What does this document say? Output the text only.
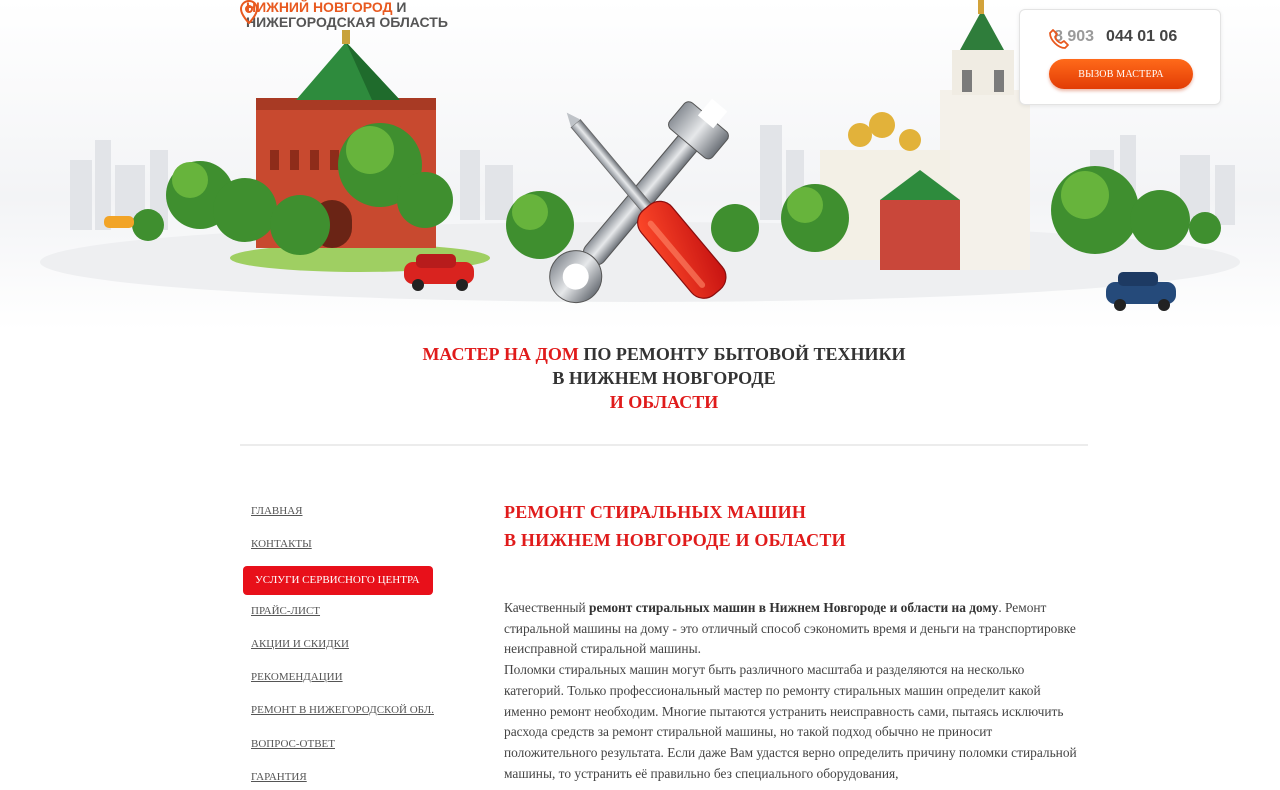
НИЖНИЙ НОВГОРОД И
НИЖЕГОРОДСКАЯ ОБЛАСТЬ
8 903 044 01 06
ВЫЗОВ МАСТЕРА
МАСТЕР НА ДОМ ПО РЕМОНТУ БЫТОВОЙ ТЕХНИКИ
В НИЖНЕМ НОВГОРОДЕ
И ОБЛАСТИ
ГЛАВНАЯ
КОНТАКТЫ
УСЛУГИ СЕРВИСНОГО ЦЕНТРА
ПРАЙС-ЛИСТ
АКЦИИ И СКИДКИ
РЕКОМЕНДАЦИИ
РЕМОНТ В НИЖЕГОРОДСКОЙ ОБЛ.
ВОПРОС-ОТВЕТ
ГАРАНТИЯ
РЕМОНТ СТИРАЛЬНЫХ МАШИН
В НИЖНЕМ НОВГОРОДЕ И ОБЛАСТИ

Качественный ремонт стиральных машин в Нижнем Новгороде и области на дому. Ремонт стиральной машины на дому - это отличный способ сэкономить время и деньги на транспортировке неисправной стиральной машины.

Поломки стиральных машин могут быть различного масштаба и разделяются на несколько категорий. Только профессиональный мастер по ремонту стиральных машин определит какой именно ремонт необходим. Многие пытаются устранить неисправность сами, пытаясь исключить расхода средств за ремонт стиральной машины, но такой подход обычно не приносит положительного результата. Если даже Вам удастся верно определить причину поломки стиральной машины, то устранить её правильно без специального оборудования,
